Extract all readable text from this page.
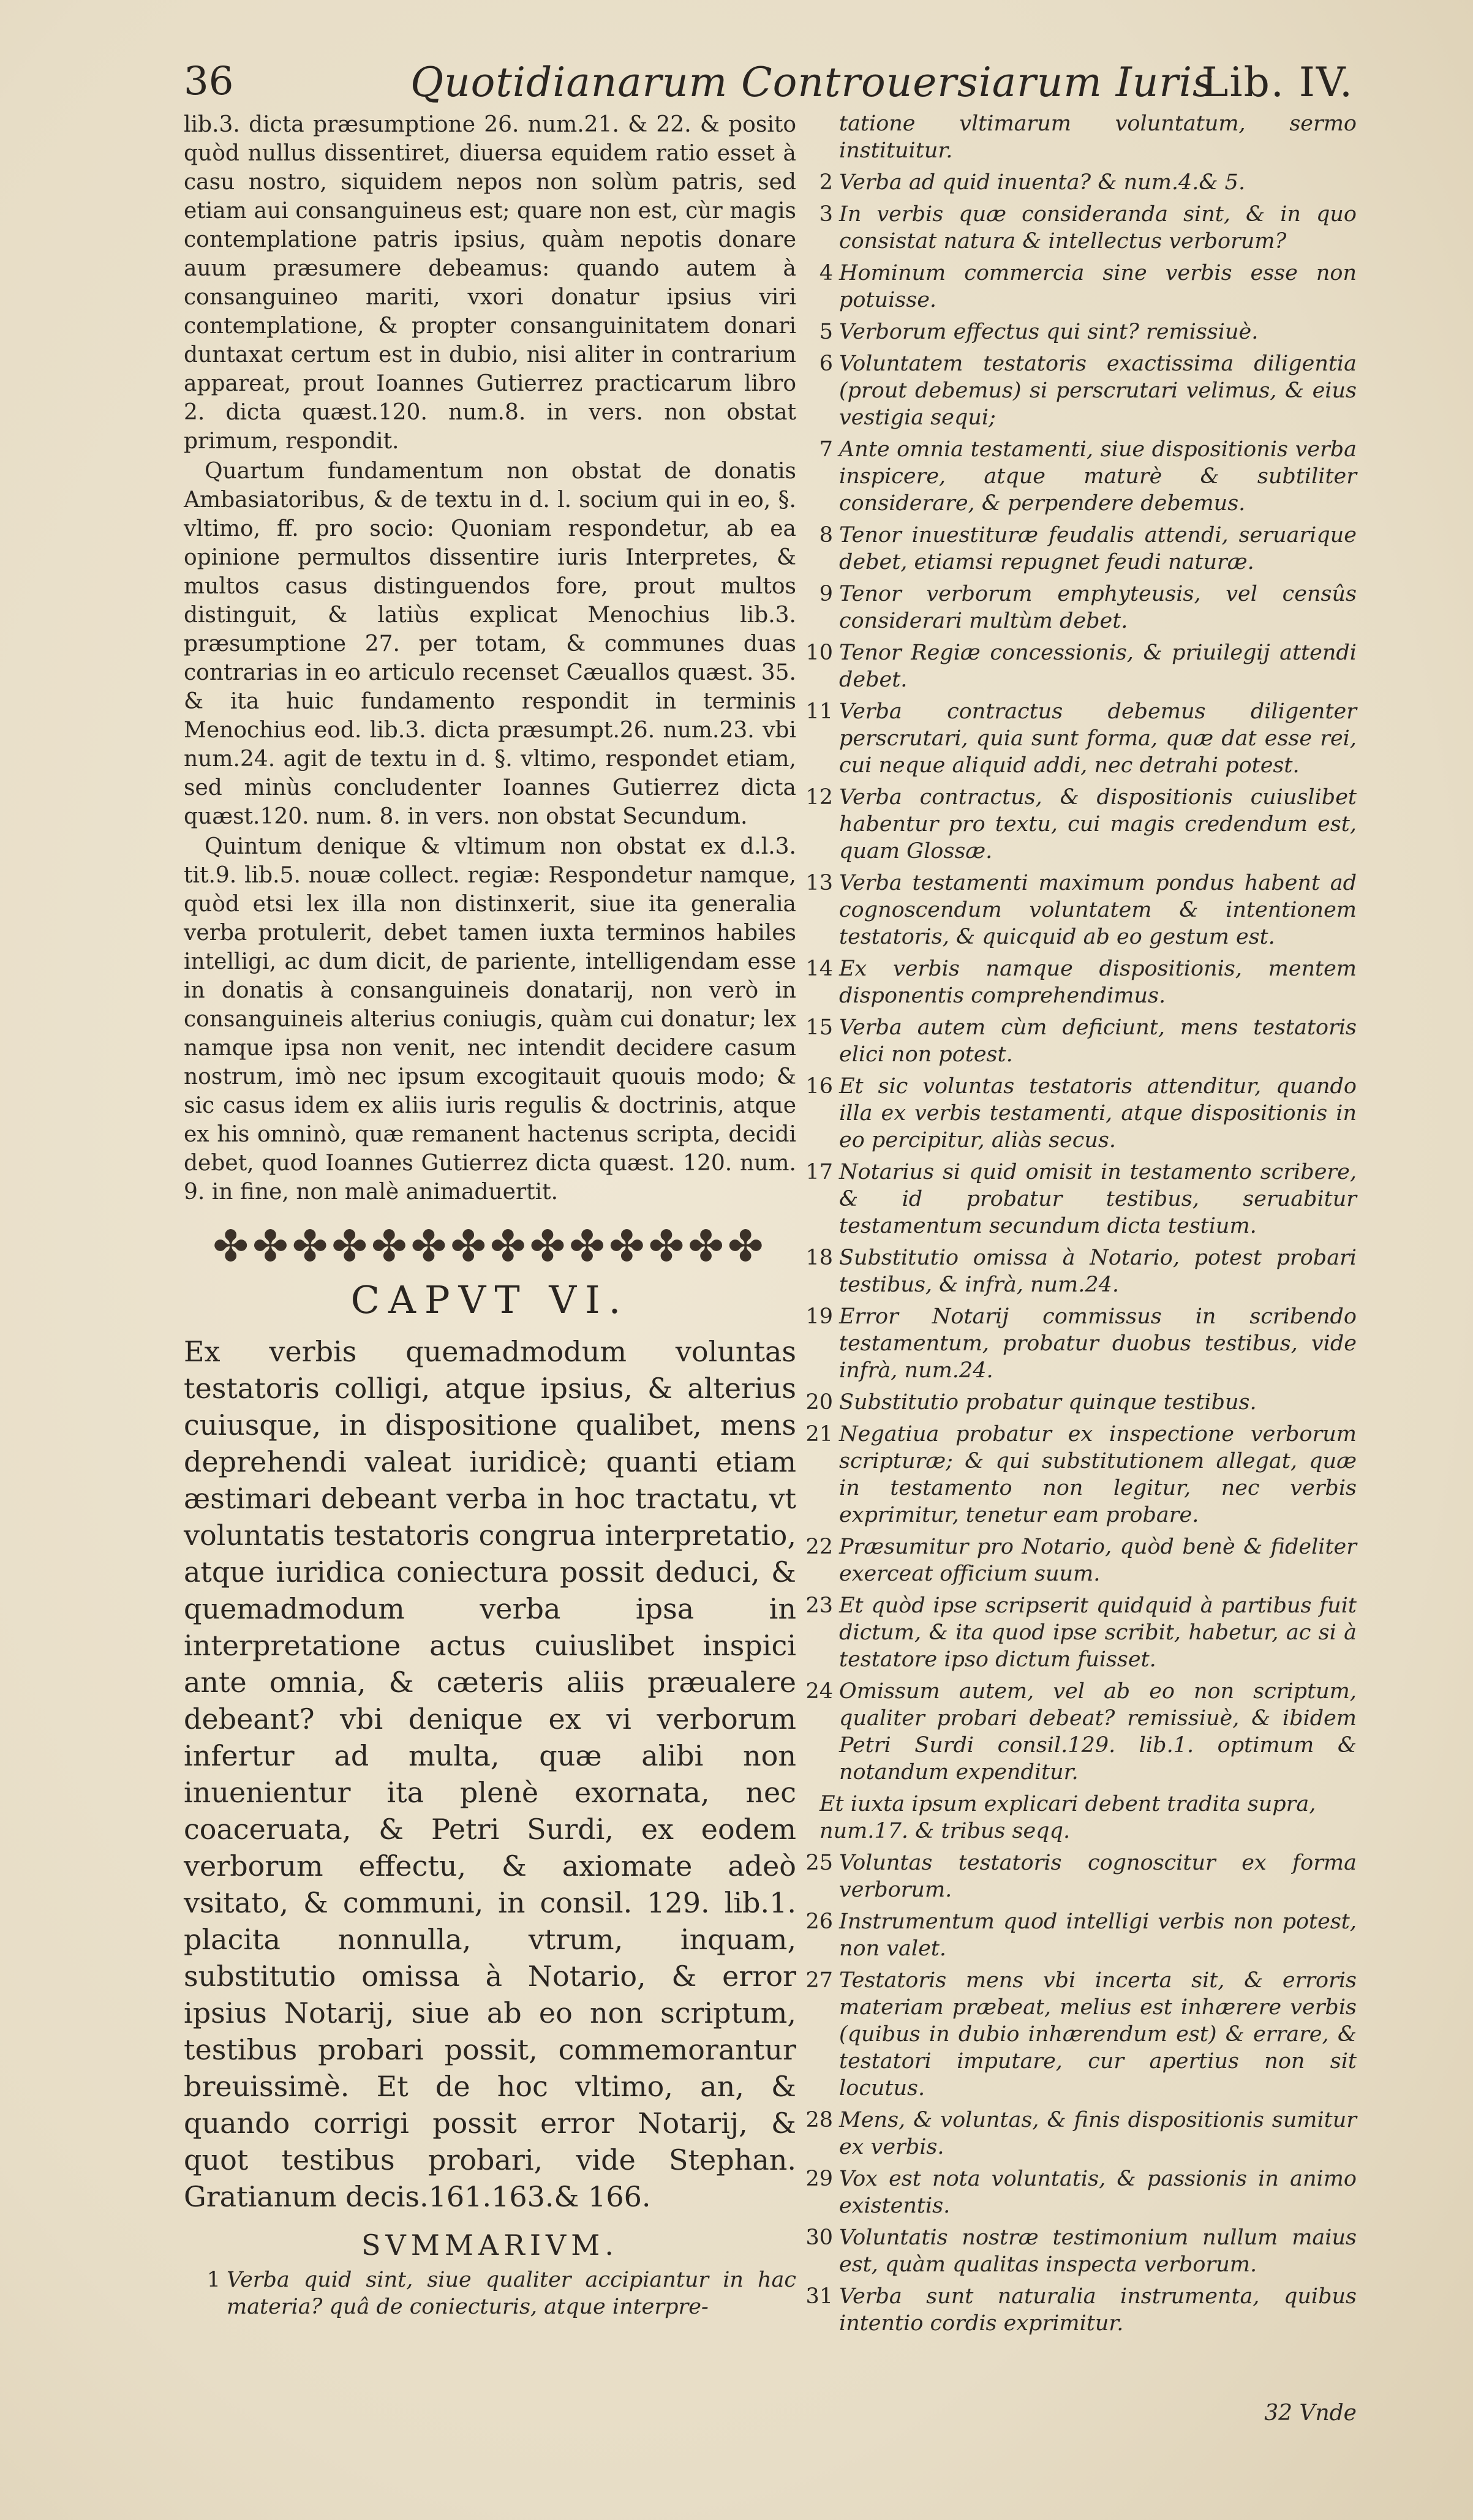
36	Quotidianarum Controuersiarum Iuris
Lib. IV.

lib.3. dicta præsumptione 26. num.21. & 22. & posito quòd nullus dissentiret, diuersa equidem ratio esset à casu nostro, siquidem nepos non solùm patris, sed etiam aui consanguineus est; quare non est, cùr magis contemplatione patris ipsius, quàm nepotis donare auum præsumere debeamus: quando autem à consanguineo mariti, vxori donatur ipsius viri contemplatione, & propter consanguinitatem donari duntaxat certum est in dubio, nisi aliter in contrarium appareat, prout Ioannes Gutierrez practicarum libro 2. dicta quæst.120. num.8. in vers. non obstat primum, respondit.

Quartum fundamentum non obstat de donatis Ambasiatoribus, & de textu in d. l. socium qui in eo, §. vltimo, ff. pro socio: Quoniam respondetur, ab ea opinione permultos dissentire iuris Interpretes, & multos casus distinguendos fore, prout multos distinguit, & latiùs explicat Menochius lib.3. præsumptione 27. per totam, & communes duas contrarias in eo articulo recenset Cæuallos quæst. 35. & ita huic fundamento respondit in terminis Menochius eod. lib.3. dicta præsumpt.26. num.23. vbi num.24. agit de textu in d. §. vltimo, respondet etiam, sed minùs concludenter Ioannes Gutierrez dicta quæst.120. num. 8. in vers. non obstat Secundum.

Quintum denique & vltimum non obstat ex d.l.3. tit.9. lib.5. nouæ collect. regiæ: Respondetur namque, quòd etsi lex illa non distinxerit, siue ita generalia verba protulerit, debet tamen iuxta terminos habiles intelligi, ac dum dicit, de pariente, intelligendam esse in donatis à consanguineis donatarij, non verò in consanguineis alterius coniugis, quàm cui donatur; lex namque ipsa non venit, nec intendit decidere casum nostrum, imò nec ipsum excogitauit quouis modo; & sic casus idem ex aliis iuris regulis & doctrinis, atque ex his omninò, quæ remanent hactenus scripta, decidi debet, quod Ioannes Gutierrez dicta quæst. 120. num. 9. in fine, non malè animaduertit.

✤✤✤✤✤✤✤✤✤✤✤✤✤✤
CAPVT VI.

Ex verbis quemadmodum voluntas testatoris colligi, atque ipsius, & alterius cuiusque, in dispositione qualibet, mens deprehendi valeat iuridicè; quanti etiam æstimari debeant verba in hoc tractatu, vt voluntatis testatoris congrua interpretatio, atque iuridica coniectura possit deduci, & quemadmodum verba ipsa in interpretatione actus cuiuslibet inspici ante omnia, & cæteris aliis præualere debeant? vbi denique ex vi verborum infertur ad multa, quæ alibi non inuenientur ita plenè exornata, nec coaceruata, & Petri Surdi, ex eodem verborum effectu, & axiomate adeò vsitato, & communi, in consil. 129. lib.1. placita nonnulla, vtrum, inquam, substitutio omissa à Notario, & error ipsius Notarij, siue ab eo non scriptum, testibus probari possit, commemorantur breuissimè. Et de hoc vltimo, an, & quando corrigi possit error Notarij, & quot testibus probari, vide Stephan. Gratianum decis.161.163.& 166.

SVMMARIVM.
1 Verba quid sint, siue qualiter accipiantur in hac materia? quâ de coniecturis, atque interpre-
tatione vltimarum voluntatum, sermo instituitur.
2 Verba ad quid inuenta? & num.4.& 5.
3 In verbis quæ consideranda sint, & in quo consistat natura & intellectus verborum?
4 Hominum commercia sine verbis esse non potuisse.
5 Verborum effectus qui sint? remissiuè.
6 Voluntatem testatoris exactissima diligentia (prout debemus) si perscrutari velimus, & eius vestigia sequi;
7 Ante omnia testamenti, siue dispositionis verba inspicere, atque maturè & subtiliter considerare, & perpendere debemus.
8 Tenor inuestituræ feudalis attendi, seruarique debet, etiamsi repugnet feudi naturæ.
9 Tenor verborum emphyteusis, vel censûs considerari multùm debet.
10 Tenor Regiæ concessionis, & priuilegij attendi debet.
11 Verba contractus debemus diligenter perscrutari, quia sunt forma, quæ dat esse rei, cui neque aliquid addi, nec detrahi potest.
12 Verba contractus, & dispositionis cuiuslibet habentur pro textu, cui magis credendum est, quam Glossæ.
13 Verba testamenti maximum pondus habent ad cognoscendum voluntatem & intentionem testatoris, & quicquid ab eo gestum est.
14 Ex verbis namque dispositionis, mentem disponentis comprehendimus.
15 Verba autem cùm deficiunt, mens testatoris elici non potest.
16 Et sic voluntas testatoris attenditur, quando illa ex verbis testamenti, atque dispositionis in eo percipitur, aliàs secus.
17 Notarius si quid omisit in testamento scribere, & id probatur testibus, seruabitur testamentum secundum dicta testium.
18 Substitutio omissa à Notario, potest probari testibus, & infrà, num.24.
19 Error Notarij commissus in scribendo testamentum, probatur duobus testibus, vide infrà, num.24.
20 Substitutio probatur quinque testibus.
21 Negatiua probatur ex inspectione verborum scripturæ; & qui substitutionem allegat, quæ in testamento non legitur, nec verbis exprimitur, tenetur eam probare.
22 Præsumitur pro Notario, quòd benè & fideliter exerceat officium suum.
23 Et quòd ipse scripserit quidquid à partibus fuit dictum, & ita quod ipse scribit, habetur, ac si à testatore ipso dictum fuisset.
24 Omissum autem, vel ab eo non scriptum, qualiter probari debeat? remissiuè, & ibidem Petri Surdi consil.129. lib.1. optimum & notandum expenditur.
Et iuxta ipsum explicari debent tradita supra, num.17. & tribus seqq.
25 Voluntas testatoris cognoscitur ex forma verborum.
26 Instrumentum quod intelligi verbis non potest, non valet.
27 Testatoris mens vbi incerta sit, & erroris materiam præbeat, melius est inhærere verbis (quibus in dubio inhærendum est) & errare, & testatori imputare, cur apertius non sit locutus.
28 Mens, & voluntas, & finis dispositionis sumitur ex verbis.
29 Vox est nota voluntatis, & passionis in animo existentis.
30 Voluntatis nostræ testimonium nullum maius est, quàm qualitas inspecta verborum.
31 Verba sunt naturalia instrumenta, quibus intentio cordis exprimitur.
32 Vnde
